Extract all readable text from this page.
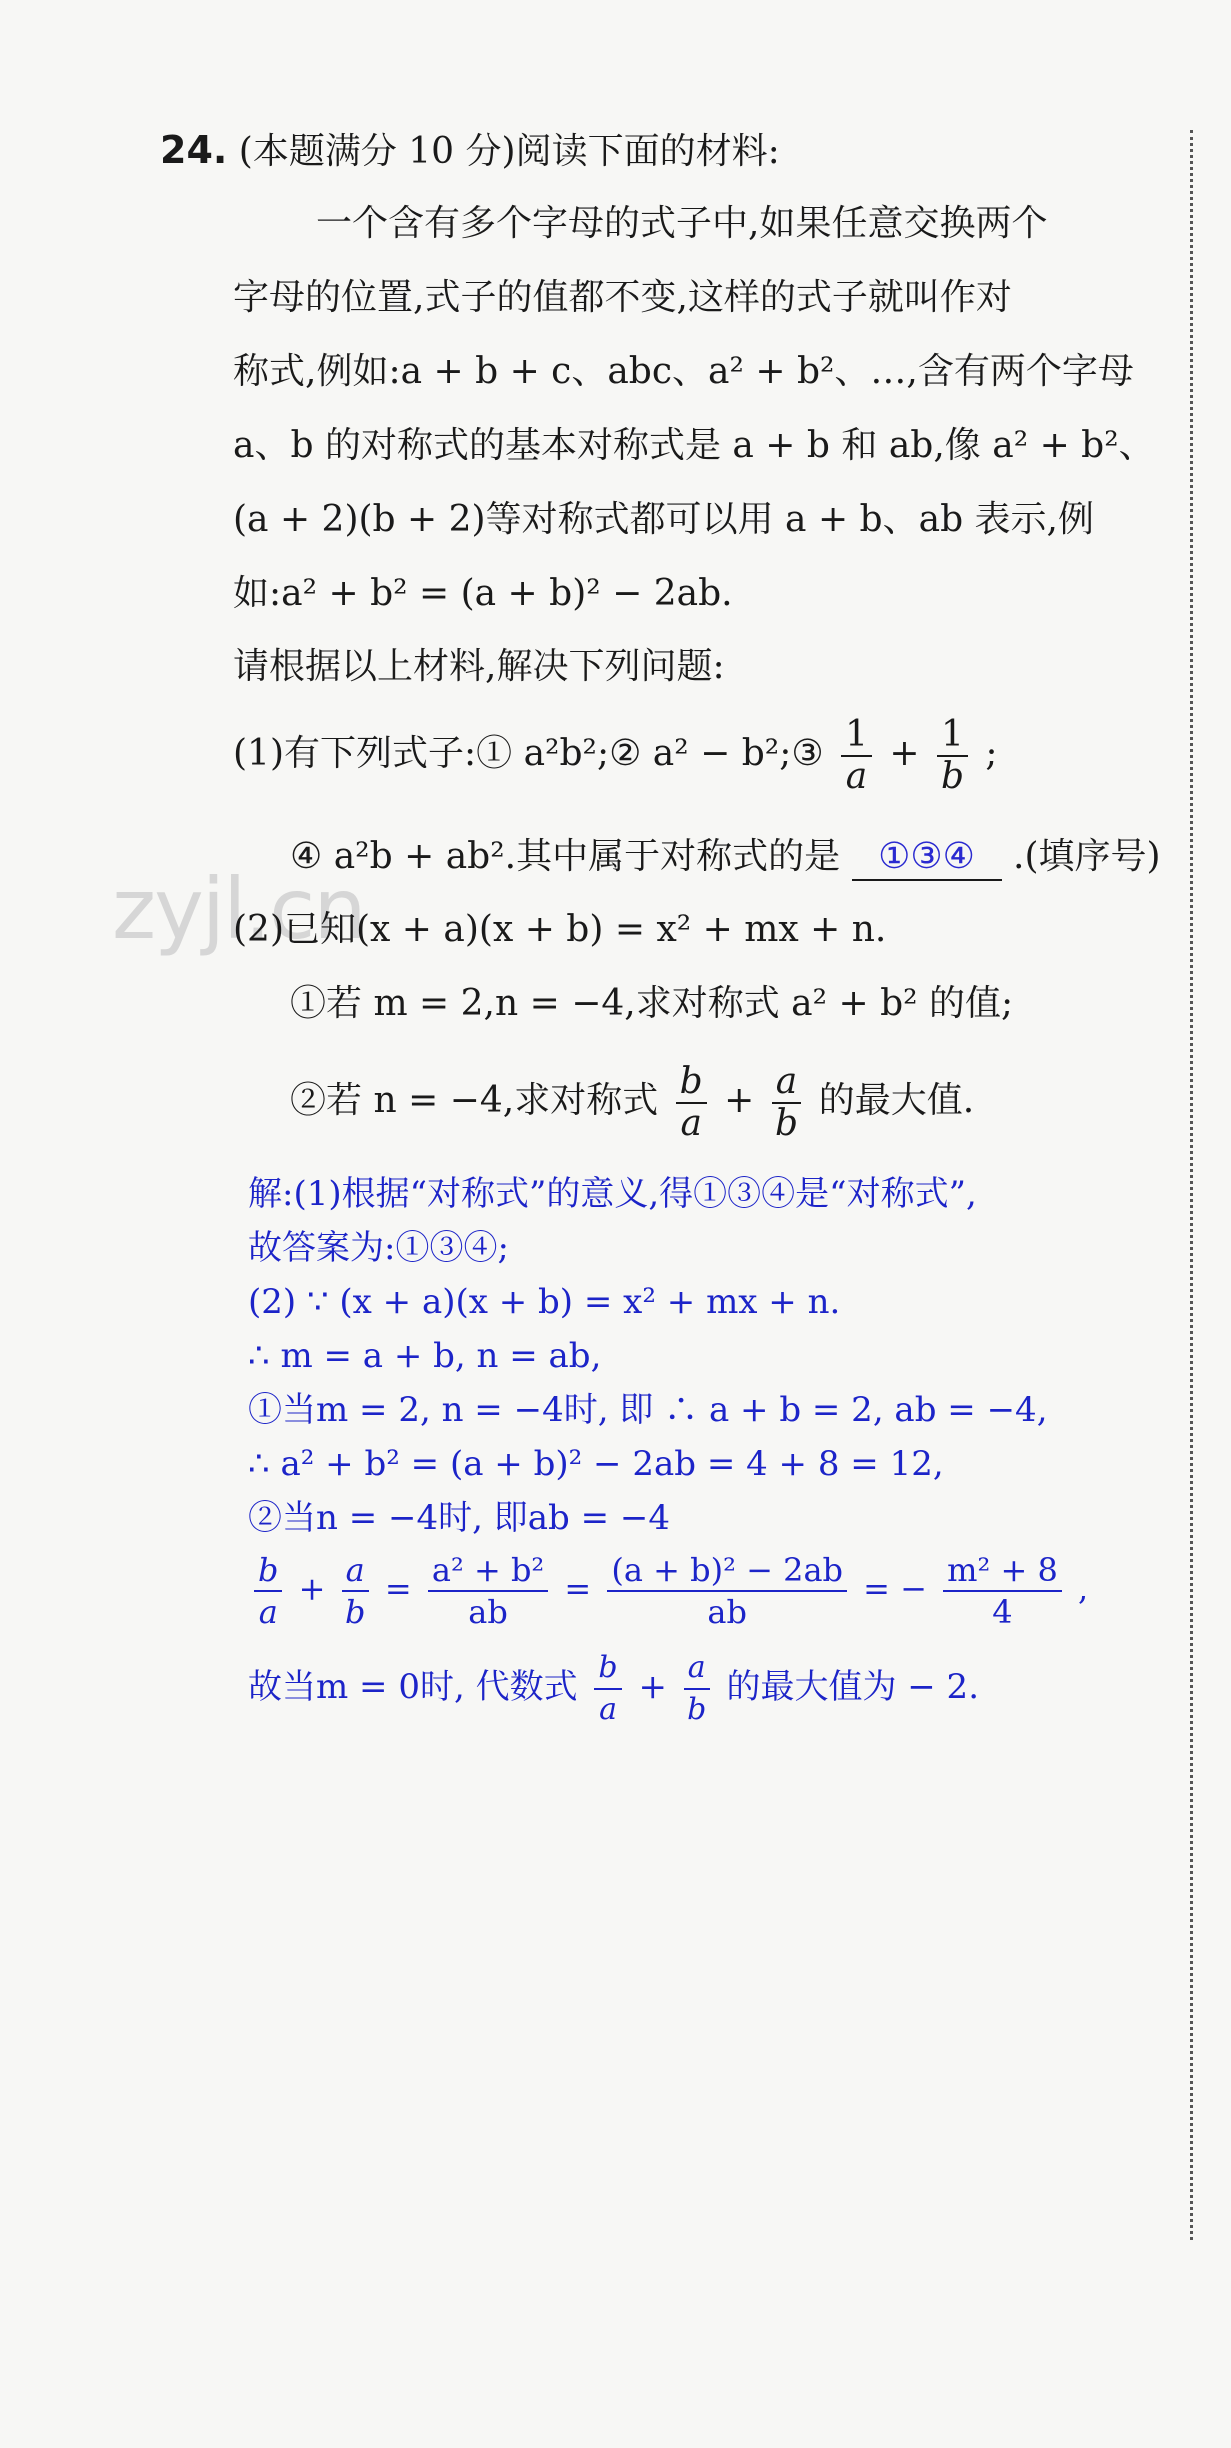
24. (本题满分 10 分)阅读下面的材料:
一个含有多个字母的式子中,如果任意交换两个
字母的位置,式子的值都不变,这样的式子就叫作对
称式,例如:a + b + c、abc、a² + b²、…,含有两个字母
a、b 的对称式的基本对称式是 a + b 和 ab,像 a² + b²、
(a + 2)(b + 2)等对称式都可以用 a + b、ab 表示,例
如:a² + b² = (a + b)² − 2ab.
请根据以上材料,解决下列问题:
(1)有下列式子:① a²b²;② a² − b²;③ $\frac{1}{a} + \frac{1}{b}$ ;
④ a²b + ab².其中属于对称式的是 ①③④ .(填序号)
zyjl.cn
(2)已知(x + a)(x + b) = x² + mx + n.
①若 m = 2,n = −4,求对称式 a² + b² 的值;
②若 n = −4,求对称式 $\frac{b}{a} + \frac{a}{b}$ 的最大值.
解:(1)根据“对称式”的意义,得①③④是“对称式”,
故答案为:①③④;
(2) ∵ (x + a)(x + b) = x² + mx + n.
∴ m = a + b, n = ab,
①当m = 2, n = −4时, 即 ∴ a + b = 2, ab = −4,
∴ a² + b² = (a + b)² − 2ab = 4 + 8 = 12,
②当n = −4时, 即ab = −4
$\frac{b}{a} + \frac{a}{b} = \frac{\text{a² + b²}}{ab} = \frac{\text{(a + b)² − 2ab}}{ab}$ = − $\frac{\text{m² + 8}}{4}$ ,
故当m = 0时, 代数式 $\frac{b}{a} + \frac{a}{b}$ 的最大值为 − 2.
